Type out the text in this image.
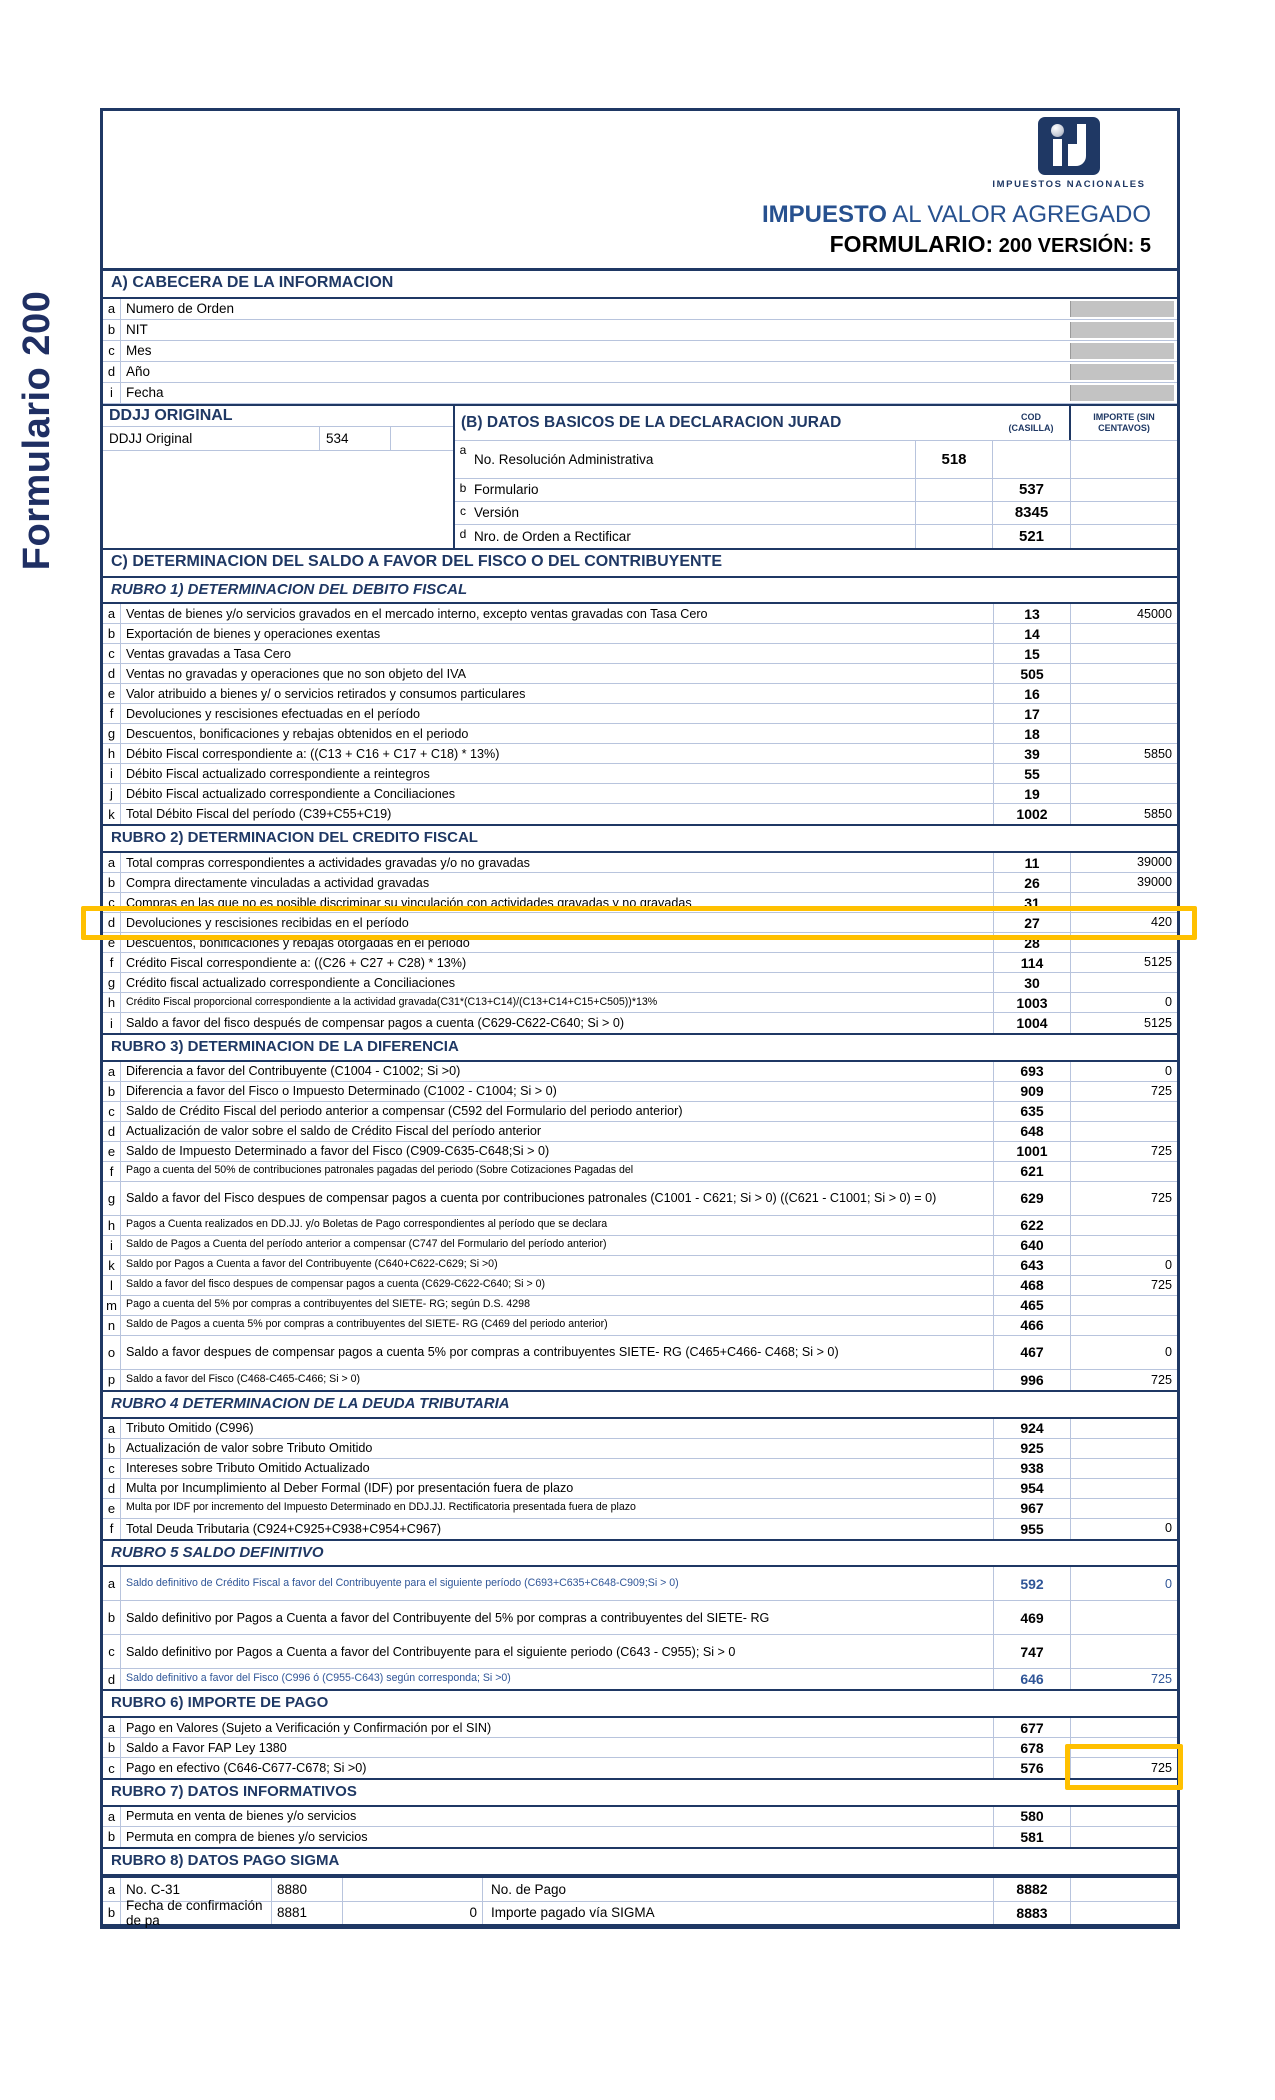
Formulario 200
IMPUESTOS NACIONALES
IMPUESTO AL VALOR AGREGADO
FORMULARIO: 200 VERSIÓN: 5
A) CABECERA DE LA INFORMACION
a Numero de Orden
b NIT
c Mes
d Año
i Fecha
DDJJ ORIGINAL
DDJJ Original	534
(B) DATOS BASICOS DE LA DECLARACION JURAD	COD
(CASILLA)
IMPORTE (SIN CENTAVOS)
a
No. Resolución Administrativa	518
b Formulario	537
c Versión	8345
d Nro. de Orden a Rectificar	521
C) DETERMINACION DEL SALDO A FAVOR DEL FISCO O DEL CONTRIBUYENTE
RUBRO 1) DETERMINACION DEL DEBITO FISCAL
a Ventas de bienes y/o servicios gravados en el mercado interno, excepto ventas gravadas con Tasa Cero	13	45000
b Exportación de bienes y operaciones exentas	14
c Ventas gravadas a Tasa Cero	15
d Ventas no gravadas y operaciones que no son objeto del IVA	505
e Valor atribuido a bienes y/ o servicios retirados y consumos particulares	16
f	Devoluciones y rescisiones efectuadas en el período	17
g Descuentos, bonificaciones y rebajas obtenidos en el periodo	18
h Débito Fiscal correspondiente a: ((C13 + C16 + C17 + C18) * 13%)	39	5850
i	Débito Fiscal actualizado correspondiente a reintegros	55
j	Débito Fiscal actualizado correspondiente a Conciliaciones	19
k Total Débito Fiscal del período (C39+C55+C19)	1002	5850
RUBRO 2) DETERMINACION DEL CREDITO FISCAL
a Total compras correspondientes a actividades gravadas y/o no gravadas	11	39000
b Compra directamente vinculadas a actividad gravadas	26	39000
c Compras en las que no es posible discriminar su vinculación con actividades gravadas y no gravadas	31
d Devoluciones y rescisiones recibidas en el período	27	420
e Descuentos, bonificaciones y rebajas otorgadas en el periodo	28
f	Crédito Fiscal correspondiente a: ((C26 + C27 + C28) * 13%)	114	5125
g Crédito fiscal actualizado correspondiente a Conciliaciones	30
h	Crédito Fiscal proporcional correspondiente a la actividad gravada(C31*(C13+C14)/(C13+C14+C15+C505))*13%	1003	0
i	Saldo a favor del fisco después de compensar pagos a cuenta (C629-C622-C640; Si > 0)	1004	5125
RUBRO 3) DETERMINACION DE LA DIFERENCIA
a Diferencia a favor del Contribuyente (C1004 - C1002; Si >0)	693	0
b Diferencia a favor del Fisco o Impuesto Determinado (C1002 - C1004; Si > 0)	909	725
c Saldo de Crédito Fiscal del periodo anterior a compensar (C592 del Formulario del periodo anterior)	635
d Actualización de valor sobre el saldo de Crédito Fiscal del período anterior	648
e Saldo de Impuesto Determinado a favor del Fisco (C909-C635-C648;Si > 0)	1001	725
f	Pago a cuenta del 50% de contribuciones patronales pagadas del periodo (Sobre Cotizaciones Pagadas del	621
g Saldo a favor del Fisco despues de compensar pagos a cuenta por contribuciones patronales (C1001 - C621; Si > 0) ((C621 - C1001; Si > 0) = 0)	629	725
h	Pagos a Cuenta realizados en DD.JJ. y/o Boletas de Pago correspondientes al período que se declara	622
i	Saldo de Pagos a Cuenta del período anterior a compensar (C747 del Formulario del período anterior)	640
k	Saldo por Pagos a Cuenta a favor del Contribuyente (C640+C622-C629; Si >0)	643	0
l	Saldo a favor del fisco despues de compensar pagos a cuenta (C629-C622-C640; Si > 0)	468	725
m Pago a cuenta del 5% por compras a contribuyentes del SIETE- RG; según D.S. 4298	465
n	Saldo de Pagos a cuenta 5% por compras a contribuyentes del SIETE- RG (C469 del periodo anterior)	466
o Saldo a favor despues de compensar pagos a cuenta 5% por compras a contribuyentes SIETE- RG (C465+C466- C468; Si > 0)	467	0
p	Saldo a favor del Fisco (C468-C465-C466; Si > 0)	996	725
RUBRO 4 DETERMINACION DE LA DEUDA TRIBUTARIA
a Tributo Omitido (C996)	924
b Actualización de valor sobre Tributo Omitido	925
c Intereses sobre Tributo Omitido Actualizado	938
d Multa por Incumplimiento al Deber Formal (IDF) por presentación fuera de plazo	954
e	Multa por IDF por incremento del Impuesto Determinado en DDJ.JJ. Rectificatoria presentada fuera de plazo	967
f	Total Deuda Tributaria (C924+C925+C938+C954+C967)	955	0
RUBRO 5 SALDO DEFINITIVO
a	Saldo definitivo de Crédito Fiscal a favor del Contribuyente para el siguiente período (C693+C635+C648-C909;Si > 0)	592	0
b Saldo definitivo por Pagos a Cuenta a favor del Contribuyente del 5% por compras a contribuyentes del SIETE- RG	469
c Saldo definitivo por Pagos a Cuenta a favor del Contribuyente para el siguiente periodo (C643 - C955); Si > 0	747
d	Saldo definitivo a favor del Fisco (C996 ó (C955-C643) según corresponda; Si >0)	646	725
RUBRO 6) IMPORTE DE PAGO
a Pago en Valores (Sujeto a Verificación y Confirmación por el SIN)	677
b Saldo a Favor FAP Ley 1380	678
c Pago en efectivo (C646-C677-C678; Si >0)	576	725
RUBRO 7) DATOS INFORMATIVOS
a Permuta en venta de bienes y/o servicios	580
b Permuta en compra de bienes y/o servicios	581
RUBRO 8) DATOS PAGO SIGMA
a No. C-31	8880	No. de Pago	8882
b Fecha de confirmación de pa	8881	0	Importe pagado vía SIGMA	8883
